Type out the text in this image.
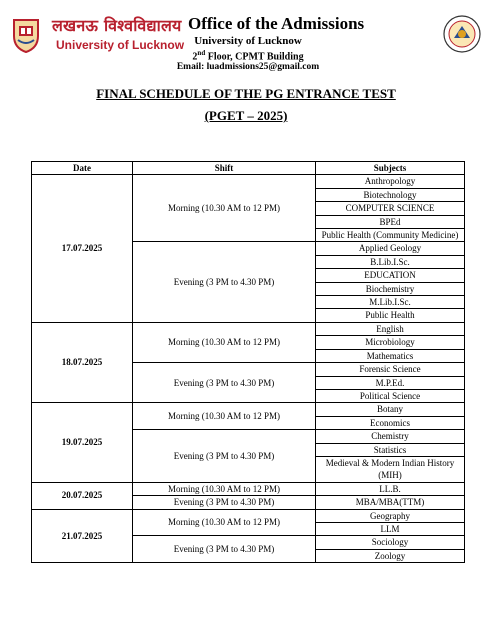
लखनऊ विश्वविद्यालय
University of Lucknow
Office of the Admissions
University of Lucknow
2nd Floor, CPMT Building
Email: luadmissions25@gmail.com
FINAL SCHEDULE OF THE PG ENTRANCE TEST
(PGET – 2025)
Date	Shift	Subjects
17.07.2025	Morning (10.30 AM to 12 PM)	Anthropology
		Biotechnology
		COMPUTER SCIENCE
		BPEd
		Public Health (Community Medicine)
	Evening (3 PM to 4.30 PM)	Applied Geology
		B.Lib.I.Sc.
		EDUCATION
		Biochemistry
		M.Lib.I.Sc.
		Public Health
18.07.2025	Morning (10.30 AM to 12 PM)	English
		Microbiology
		Mathematics
	Evening (3 PM to 4.30 PM)	Forensic Science
		M.P.Ed.
		Political Science
19.07.2025	Morning (10.30 AM to 12 PM)	Botany
		Economics
	Evening (3 PM to 4.30 PM)	Chemistry
		Statistics
		Medieval & Modern Indian History (MIH)
20.07.2025	Morning (10.30 AM to 12 PM)	LL.B.
	Evening (3 PM to 4.30 PM)	MBA/MBA(TTM)
21.07.2025	Morning (10.30 AM to 12 PM)	Geography
		LLM
	Evening (3 PM to 4.30 PM)	Sociology
		Zoology
